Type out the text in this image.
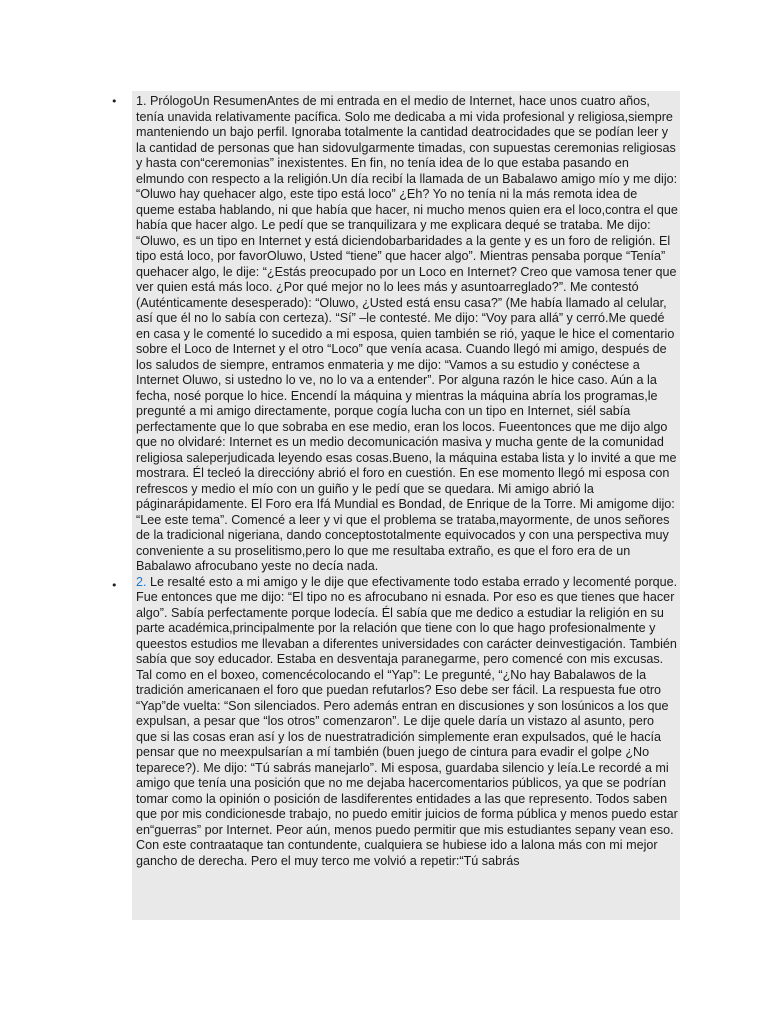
• 1. PrólogoUn ResumenAntes de mi entrada en el medio de Internet, hace unos cuatro años, tenía unavida relativamente pacífica. Solo me dedicaba a mi vida profesional y religiosa,siempre manteniendo un bajo perfil. Ignoraba totalmente la cantidad deatrocidades que se podían leer y la cantidad de personas que han sidovulgarmente timadas, con supuestas ceremonias religiosas y hasta con“ceremonias” inexistentes. En fin, no tenía idea de lo que estaba pasando en elmundo con respecto a la religión.Un día recibí la llamada de un Babalawo amigo mío y me dijo: “Oluwo hay quehacer algo, este tipo está loco” ¿Eh? Yo no tenía ni la más remota idea de queme estaba hablando, ni que había que hacer, ni mucho menos quien era el loco,contra el que había que hacer algo. Le pedí que se tranquilizara y me explicara dequé se trataba. Me dijo: “Oluwo, es un tipo en Internet y está diciendobarbaridades a la gente y es un foro de religión. El tipo está loco, por favorOluwo, Usted “tiene” que hacer algo”. Mientras pensaba porque “Tenía” quehacer algo, le dije: “¿Estás preocupado por un Loco en Internet? Creo que vamosa tener que ver quien está más loco. ¿Por qué mejor no lo lees más y asuntoarreglado?”. Me contestó (Auténticamente desesperado): “Oluwo, ¿Usted está ensu casa?” (Me había llamado al celular, así que él no lo sabía con certeza). “Sí” –le contesté. Me dijo: “Voy para allá” y cerró.Me quedé en casa y le comenté lo sucedido a mi esposa, quien también se rió, yaque le hice el comentario sobre el Loco de Internet y el otro “Loco” que venía acasa. Cuando llegó mi amigo, después de los saludos de siempre, entramos enmateria y me dijo: “Vamos a su estudio y conéctese a Internet Oluwo, si ustedno lo ve, no lo va a entender”. Por alguna razón le hice caso. Aún a la fecha, nosé porque lo hice. Encendí la máquina y mientras la máquina abría los programas,le pregunté a mi amigo directamente, porque cogía lucha con un tipo en Internet, siél sabía perfectamente que lo que sobraba en ese medio, eran los locos. Fueentonces que me dijo algo que no olvidaré: Internet es un medio decomunicación masiva y mucha gente de la comunidad religiosa saleperjudicada leyendo esas cosas.Bueno, la máquina estaba lista y lo invité a que me mostrara. Él tecleó la direccióny abrió el foro en cuestión. En ese momento llegó mi esposa con refrescos y medio el mío con un guiño y le pedí que se quedara. Mi amigo abrió la páginarápidamente. El Foro era Ifá Mundial es Bondad, de Enrique de la Torre. Mi amigome dijo: “Lee este tema”. Comencé a leer y vi que el problema se trataba,mayormente, de unos señores de la tradicional nigeriana, dando conceptostotalmente equivocados y con una perspectiva muy conveniente a su proselitismo,pero lo que me resultaba extraño, es que el foro era de un Babalawo afrocubano yeste no decía nada.
• 2. Le resalté esto a mi amigo y le dije que efectivamente todo estaba errado y lecomenté porque. Fue entonces que me dijo: “El tipo no es afrocubano ni esnada. Por eso es que tienes que hacer algo”. Sabía perfectamente porque lodecía. Él sabía que me dedico a estudiar la religión en su parte académica,principalmente por la relación que tiene con lo que hago profesionalmente y queestos estudios me llevaban a diferentes universidades con carácter deinvestigación. También sabía que soy educador. Estaba en desventaja paranegarme, pero comencé con mis excusas. Tal como en el boxeo, comencécolocando el “Yap”: Le pregunté, “¿No hay Babalawos de la tradición americanaen el foro que puedan refutarlos? Eso debe ser fácil. La respuesta fue otro “Yap”de vuelta: “Son silenciados. Pero además entran en discusiones y son losúnicos a los que expulsan, a pesar que “los otros” comenzaron”. Le dije quele daría un vistazo al asunto, pero que si las cosas eran así y los de nuestratradición simplemente eran expulsados, qué le hacía pensar que no meexpulsarían a mí también (buen juego de cintura para evadir el golpe ¿No teparece?). Me dijo: “Tú sabrás manejarlo”. Mi esposa, guardaba silencio y leía.Le recordé a mi amigo que tenía una posición que no me dejaba hacercomentarios públicos, ya que se podrían tomar como la opinión o posición de lasdiferentes entidades a las que represento. Todos saben que por mis condicionesde trabajo, no puedo emitir juicios de forma pública y menos puedo estar en“guerras” por Internet. Peor aún, menos puedo permitir que mis estudiantes sepany vean eso. Con este contraataque tan contundente, cualquiera se hubiese ido a lalona más con mi mejor gancho de derecha. Pero el muy terco me volvió a repetir:“Tú sabrás
